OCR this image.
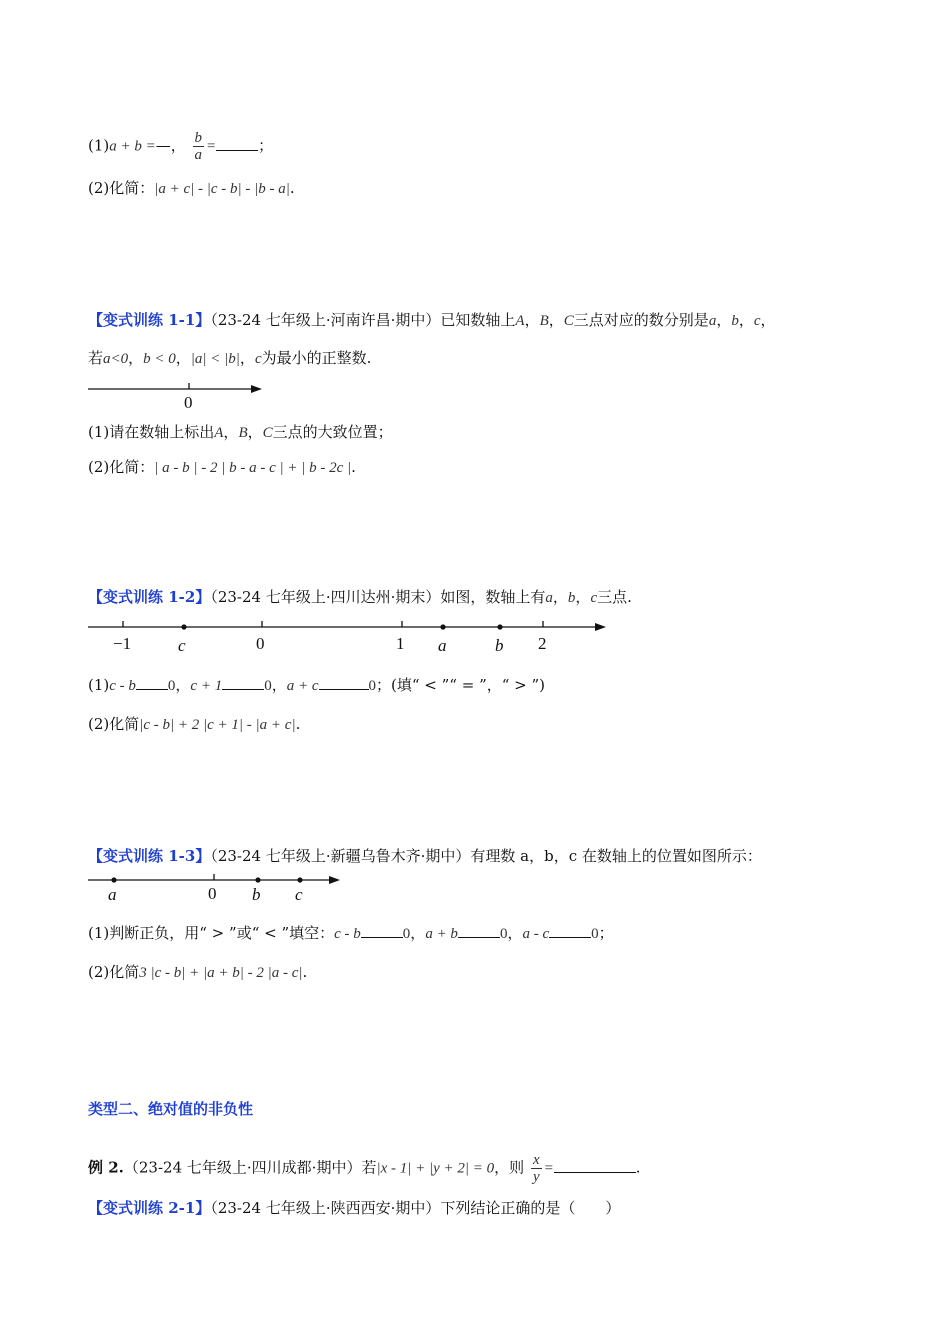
(1)a + b =—， $\frac{b}{a}$ =	；
(2)化简：|a + c| - |c - b| - |b - a|.
【变式训练 1-1】（23-24 七年级上·河南许昌·期中）已知数轴上A，B，C三点对应的数分别是a，b，c，
若a<0，b < 0，|a| < |b|，c为最小的正整数.
0
(1)请在数轴上标出A，B，C三点的大致位置；
(2)化简：| a - b | - 2 | b - a - c | + | b - 2c |.
【变式训练 1-2】（23-24 七年级上·四川达州·期末）如图，数轴上有a，b，c三点.
−1	c	0	1 a	b 2
(1)c - b 0，c + 1	0，a + c	0；(填“ < ”“ = ”，“ > ”)
(2)化简|c - b| + 2 |c + 1| - |a + c|.
【变式训练 1-3】（23-24 七年级上·新疆乌鲁木齐·期中）有理数 a，b，c 在数轴上的位置如图所示：
a	0 b c
(1)判断正负，用“ > ”或“ < ”填空：c - b	0，a + b	0，a - c	0；
(2)化简3 |c - b| + |a + b| - 2 |a - c|.
类型二、绝对值的非负性
例 2.（23-24 七年级上·四川成都·期中）若|x - 1| + |y + 2| = 0，则 $\frac{x}{y}$ =	.
【变式训练 2-1】（23-24 七年级上·陕西西安·期中）下列结论正确的是（　　）
